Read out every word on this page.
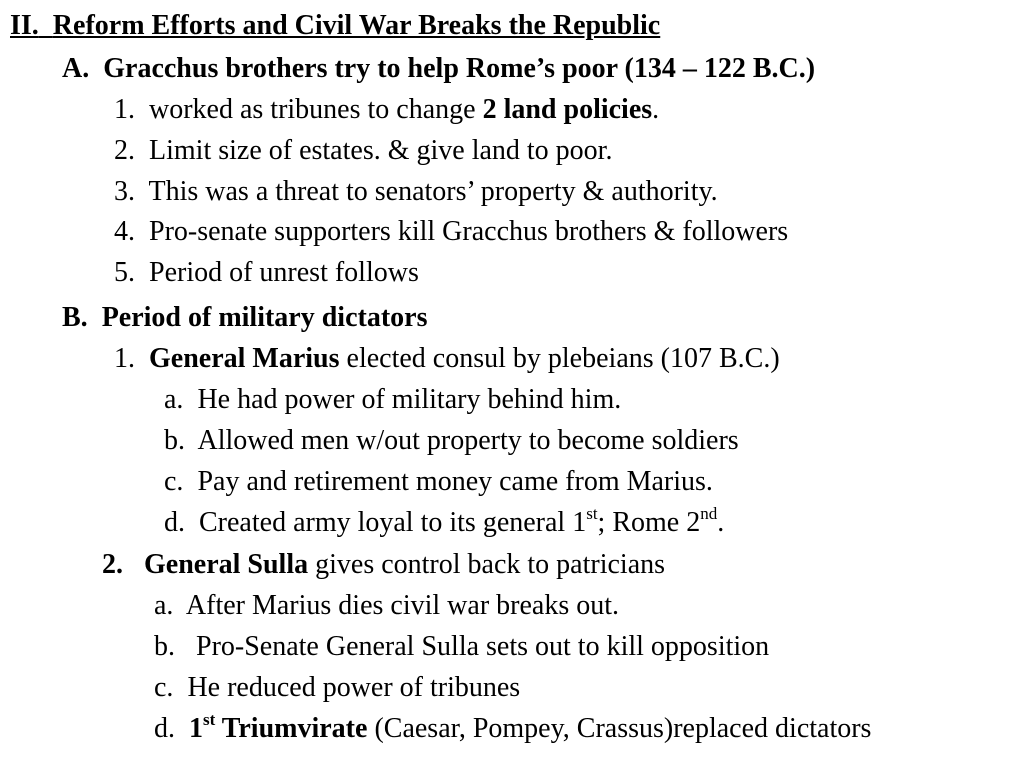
II. Reform Efforts and Civil War Breaks the Republic
A. Gracchus brothers try to help Rome’s poor (134 – 122 B.C.)
1. worked as tribunes to change 2 land policies.
2. Limit size of estates. & give land to poor.
3. This was a threat to senators’ property & authority.
4. Pro-senate supporters kill Gracchus brothers & followers
5. Period of unrest follows
B. Period of military dictators
1. General Marius elected consul by plebeians (107 B.C.)
a. He had power of military behind him.
b. Allowed men w/out property to become soldiers
c. Pay and retirement money came from Marius.
d. Created army loyal to its general 1st; Rome 2nd.
2. General Sulla gives control back to patricians
a. After Marius dies civil war breaks out.
b. Pro-Senate General Sulla sets out to kill opposition
c. He reduced power of tribunes
d. 1st Triumvirate (Caesar, Pompey, Crassus)replaced dictators
